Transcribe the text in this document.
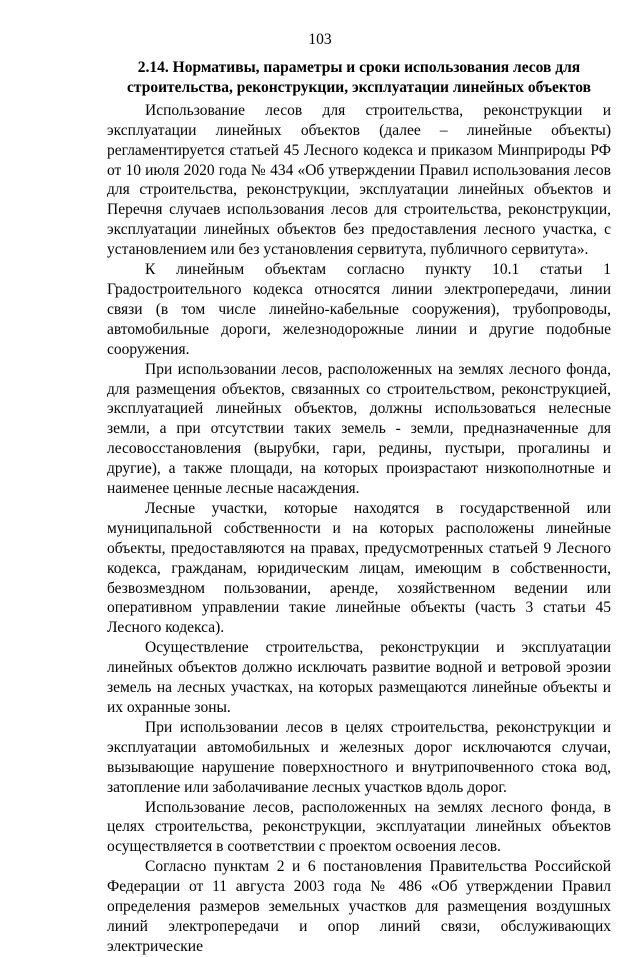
103

2.14. Нормативы, параметры и сроки использования лесов для строительства, реконструкции, эксплуатации линейных объектов

Использование лесов для строительства, реконструкции и эксплуатации линейных объектов (далее – линейные объекты) регламентируется статьей 45 Лесного кодекса и приказом Минприроды РФ от 10 июля 2020 года № 434 «Об утверждении Правил использования лесов для строительства, реконструкции, эксплуатации линейных объектов и Перечня случаев использования лесов для строительства, реконструкции, эксплуатации линейных объектов без предоставления лесного участка, с установлением или без установления сервитута, публичного сервитута».

К линейным объектам согласно пункту 10.1 статьи 1 Градостроительного кодекса относятся линии электропередачи, линии связи (в том числе линейно-кабельные сооружения), трубопроводы, автомобильные дороги, железнодорожные линии и другие подобные сооружения.

При использовании лесов, расположенных на землях лесного фонда, для размещения объектов, связанных со строительством, реконструкцией, эксплуатацией линейных объектов, должны использоваться нелесные земли, а при отсутствии таких земель - земли, предназначенные для лесовосстановления (вырубки, гари, редины, пустыри, прогалины и другие), а также площади, на которых произрастают низкополнотные и наименее ценные лесные насаждения.

Лесные участки, которые находятся в государственной или муниципальной собственности и на которых расположены линейные объекты, предоставляются на правах, предусмотренных статьей 9 Лесного кодекса, гражданам, юридическим лицам, имеющим в собственности, безвозмездном пользовании, аренде, хозяйственном ведении или оперативном управлении такие линейные объекты (часть 3 статьи 45 Лесного кодекса).

Осуществление строительства, реконструкции и эксплуатации линейных объектов должно исключать развитие водной и ветровой эрозии земель на лесных участках, на которых размещаются линейные объекты и их охранные зоны.

При использовании лесов в целях строительства, реконструкции и эксплуатации автомобильных и железных дорог исключаются случаи, вызывающие нарушение поверхностного и внутрипочвенного стока вод, затопление или заболачивание лесных участков вдоль дорог.

Использование лесов, расположенных на землях лесного фонда, в целях строительства, реконструкции, эксплуатации линейных объектов осуществляется в соответствии с проектом освоения лесов.

Согласно пунктам 2 и 6 постановления Правительства Российской Федерации от 11 августа 2003 года № 486 «Об утверждении Правил определения размеров земельных участков для размещения воздушных линий электропередачи и опор линий связи, обслуживающих электрические
